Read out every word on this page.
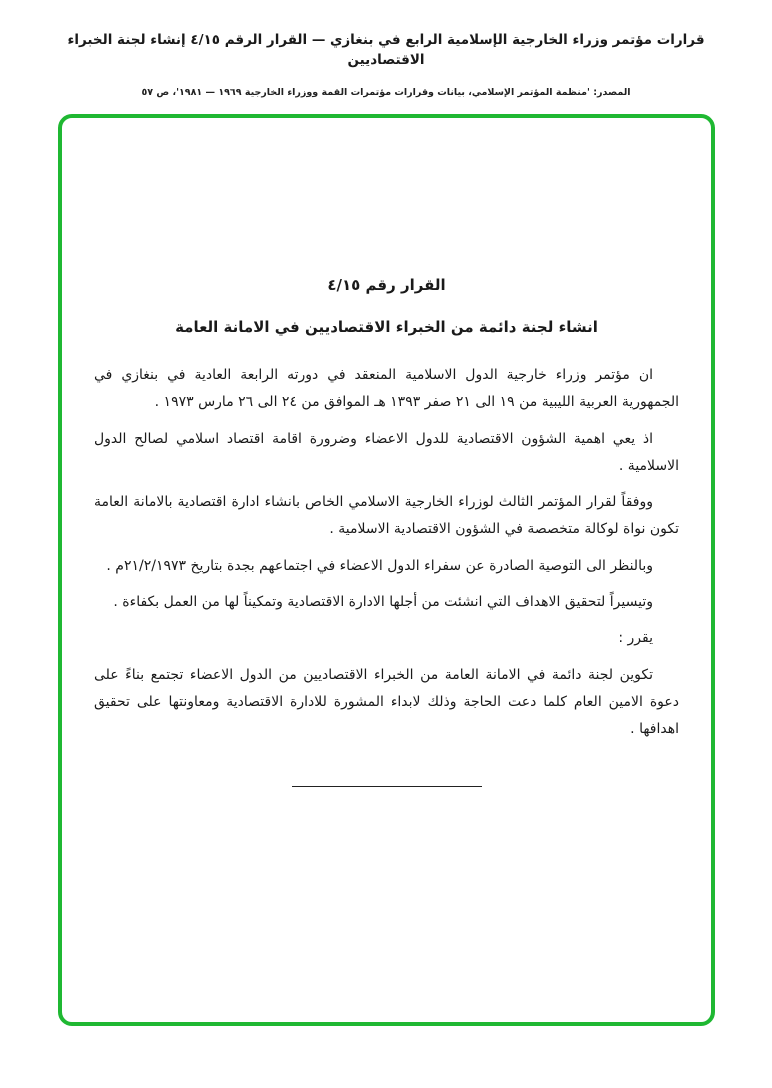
قرارات مؤتمر وزراء الخارجية الإسلامية الرابع في بنغازي — القرار الرقم ٤/١٥ إنشاء لجنة الخبراء الاقتصاديين
المصدر: 'منظمة المؤتمر الإسلامي، بيانات وقرارات مؤتمرات القمة ووزراء الخارجية ١٩٦٩ — ١٩٨١'، ص ٥٧
القرار رقم ٤/١٥
انشاء لجنة دائمة من الخبراء الاقتصاديين في الامانة العامة
ان مؤتمر وزراء خارجية الدول الاسلامية المنعقد في دورته الرابعة العادية في بنغازي في الجمهورية العربية الليبية من ١٩ الى ٢١ صفر ١٣٩٣ هـ الموافق من ٢٤ الى ٢٦ مارس ١٩٧٣ .
اذ يعي اهمية الشؤون الاقتصادية للدول الاعضاء وضرورة اقامة اقتصاد اسلامي لصالح الدول الاسلامية .
ووفقاً لقرار المؤتمر الثالث لوزراء الخارجية الاسلامي الخاص بانشاء ادارة اقتصادية بالامانة العامة تكون نواة لوكالة متخصصة في الشؤون الاقتصادية الاسلامية .
وبالنظر الى التوصية الصادرة عن سفراء الدول الاعضاء في اجتماعهم بجدة بتاريخ ٢١/٢/١٩٧٣م .
وتيسيراً لتحقيق الاهداف التي انشئت من أجلها الادارة الاقتصادية وتمكيناً لها من العمل بكفاءة .
يقرر :
تكوين لجنة دائمة في الامانة العامة من الخبراء الاقتصاديين من الدول الاعضاء تجتمع بناءً على دعوة الامين العام كلما دعت الحاجة وذلك لابداء المشورة للادارة الاقتصادية ومعاونتها على تحقيق اهدافها .
